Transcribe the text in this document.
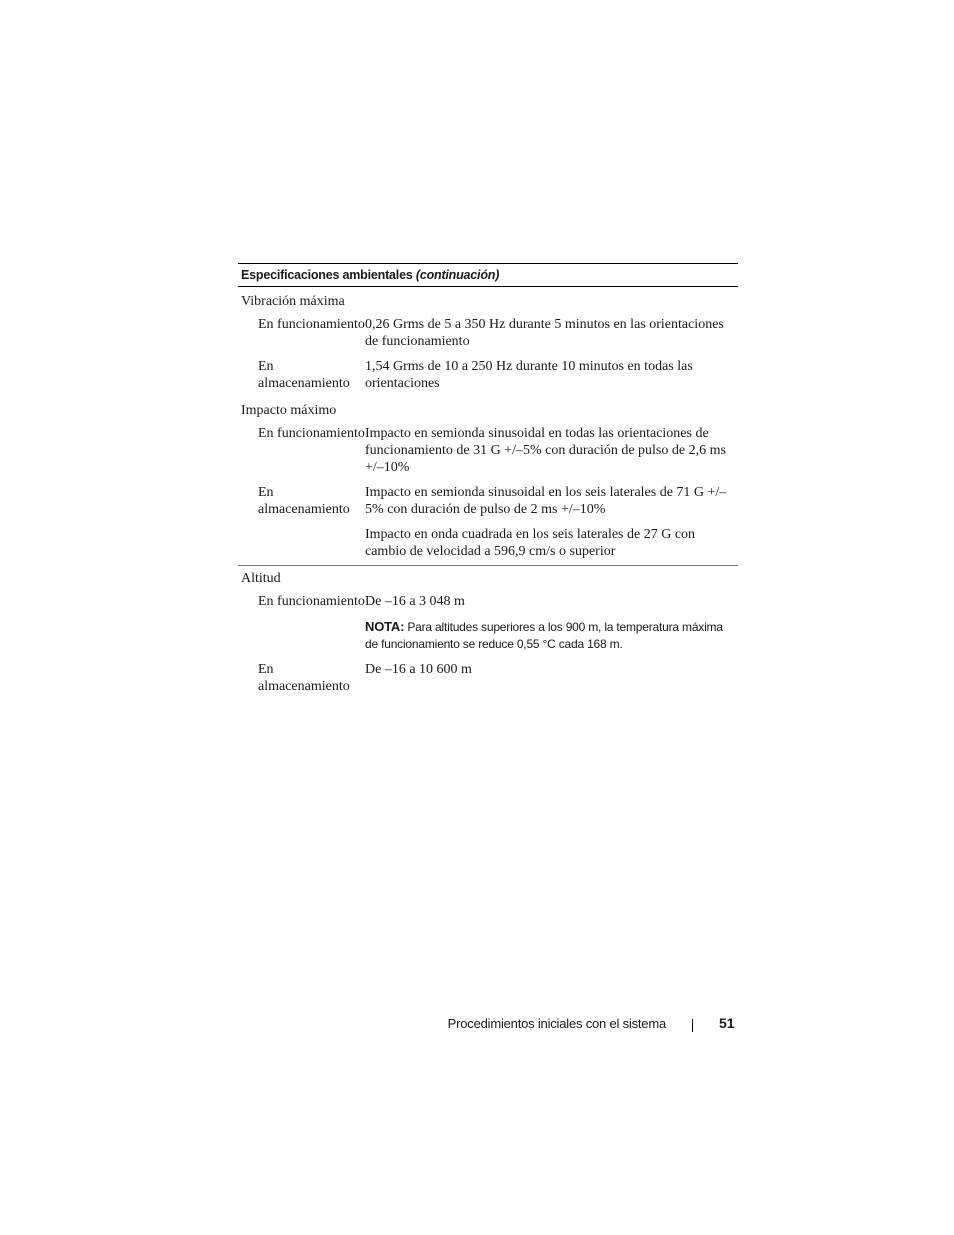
Especificaciones ambientales (continuación)
Vibración máxima
En funcionamiento 0,26 Grms de 5 a 350 Hz durante 5 minutos en las orientaciones de funcionamiento
En almacenamiento
1,54 Grms de 10 a 250 Hz durante 10 minutos en todas las orientaciones
Impacto máximo
En funcionamiento Impacto en semionda sinusoidal en todas las orientaciones de funcionamiento de 31 G +/–5% con duración de pulso de 2,6 ms +/–10%
En almacenamiento
Impacto en semionda sinusoidal en los seis laterales de 71 G +/–5% con duración de pulso de 2 ms +/–10%
Impacto en onda cuadrada en los seis laterales de 27 G con cambio de velocidad a 596,9 cm/s o superior
Altitud
En funcionamiento De –16 a 3 048 m
NOTA: Para altitudes superiores a los 900 m, la temperatura máxima de funcionamiento se reduce 0,55 °C cada 168 m.
En almacenamiento
De –16 a 10 600 m
Procedimientos iniciales con el sistema	51
